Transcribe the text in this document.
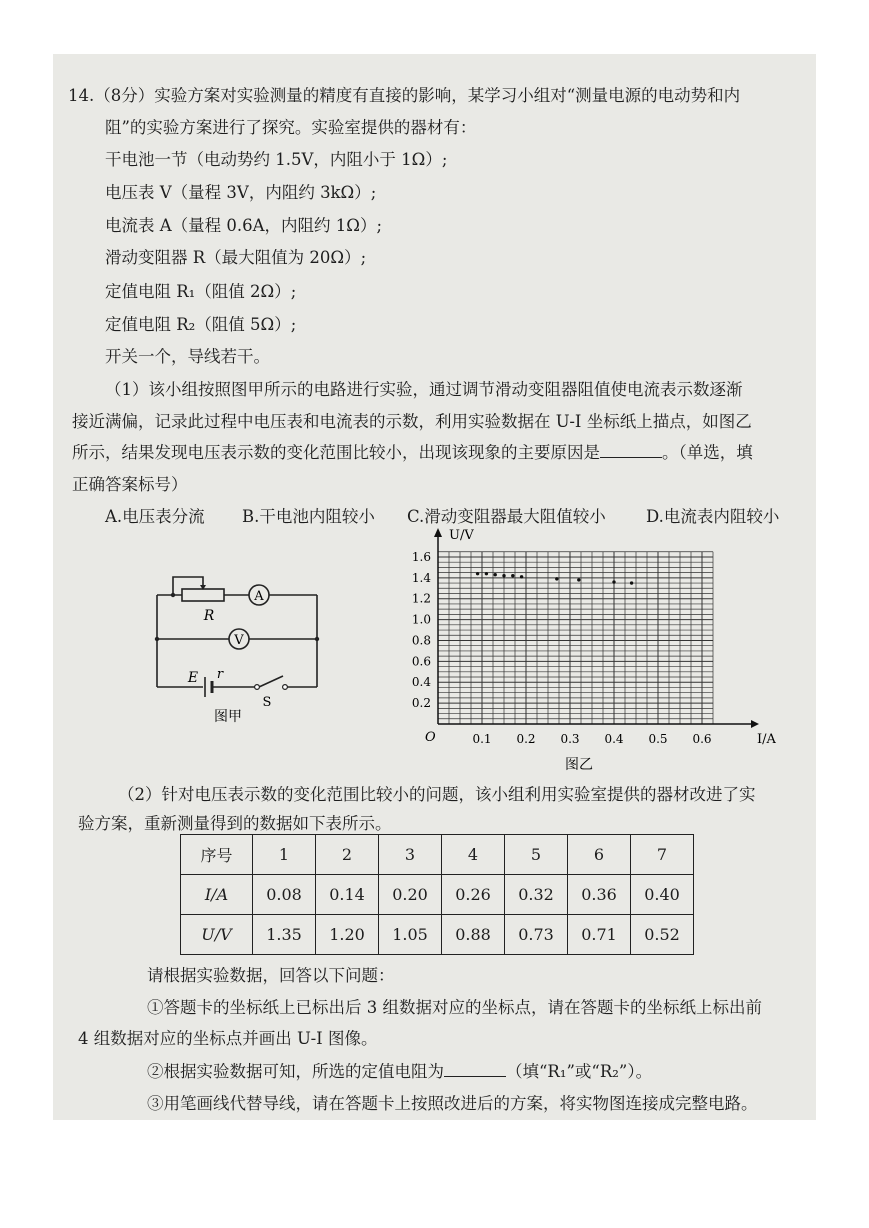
14.（8分）实验方案对实验测量的精度有直接的影响，某学习小组对“测量电源的电动势和内
阻”的实验方案进行了探究。实验室提供的器材有：
干电池一节（电动势约 1.5V，内阻小于 1Ω）;
电压表 V（量程 3V，内阻约 3kΩ）;
电流表 A（量程 0.6A，内阻约 1Ω）;
滑动变阻器 R（最大阻值为 20Ω）;
定值电阻 R₁（阻值 2Ω）;
定值电阻 R₂（阻值 5Ω）;
开关一个，导线若干。
（1）该小组按照图甲所示的电路进行实验，通过调节滑动变阻器阻值使电流表示数逐渐
接近满偏，记录此过程中电压表和电流表的示数，利用实验数据在 U-I 坐标纸上描点，如图乙
所示，结果发现电压表示数的变化范围比较小，出现该现象的主要原因是	。（单选，填
正确答案标号）
A.电压表分流 B.干电池内阻较小 C.滑动变阻器最大阻值较小 D.电流表内阻较小
R
A
V
E r
S
图甲
0.1 0.2 0.3 0.4 0.5 0.6
0.2
0.4
0.6
0.8
1.0
1.2
1.4
1.6
U/V
I/A
O
图乙
（2）针对电压表示数的变化范围比较小的问题，该小组利用实验室提供的器材改进了实
验方案，重新测量得到的数据如下表所示。
序号	1	2	3	4	5	6	7
I/A	0.08	0.14	0.20	0.26	0.32	0.36	0.40
U/V	1.35	1.20	1.05	0.88	0.73	0.71	0.52
请根据实验数据，回答以下问题：
①答题卡的坐标纸上已标出后 3 组数据对应的坐标点，请在答题卡的坐标纸上标出前
4 组数据对应的坐标点并画出 U-I 图像。
②根据实验数据可知，所选的定值电阻为	（填“R₁”或“R₂”）。
③用笔画线代替导线，请在答题卡上按照改进后的方案，将实物图连接成完整电路。
